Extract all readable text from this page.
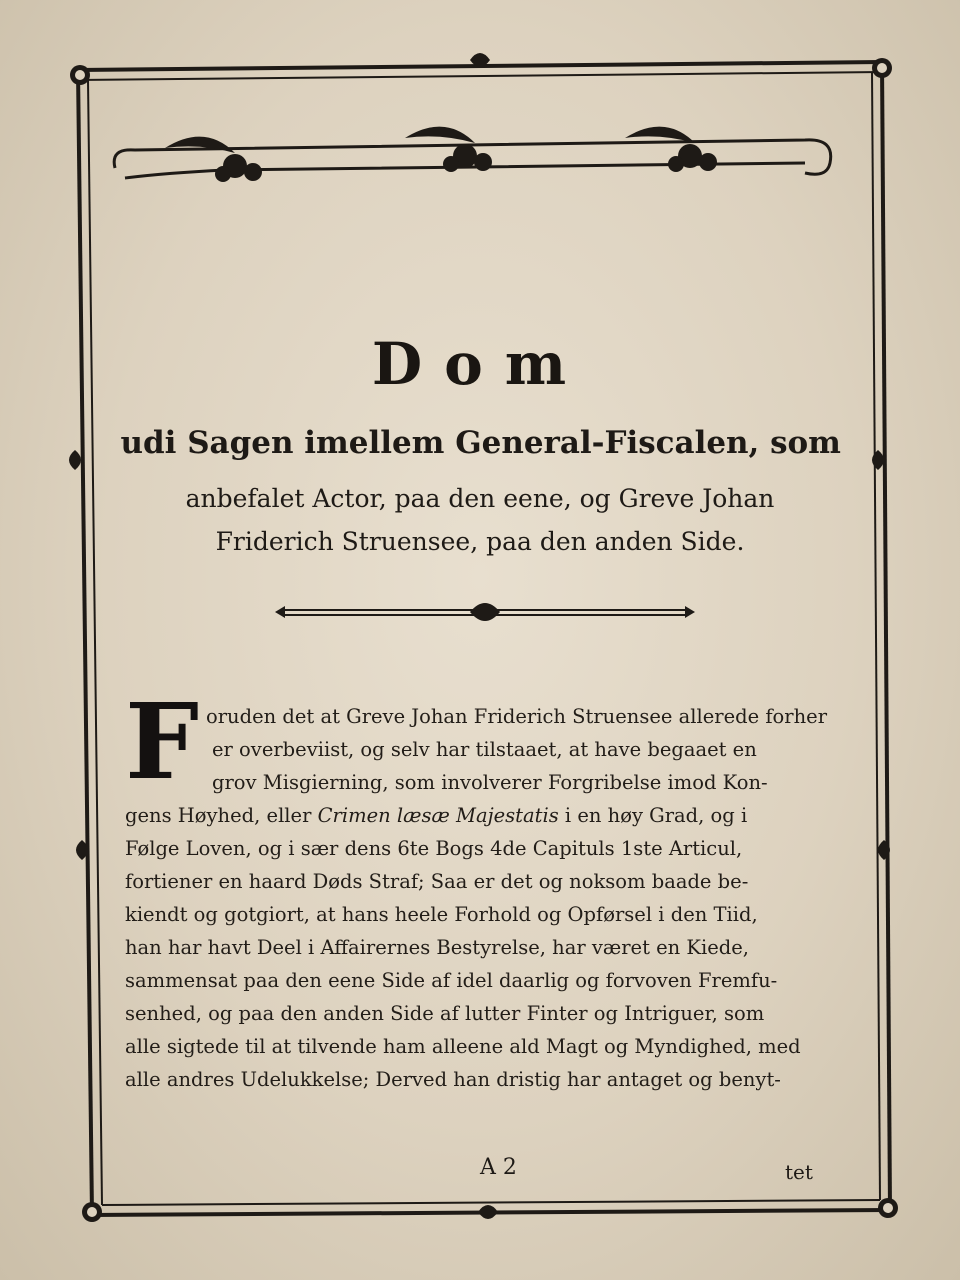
Dom
udi Sagen imellem General-Fiscalen, som
anbefalet Actor, paa den eene, og Greve Johan
Friderich Struensee, paa den anden Side.
F oruden det at Greve Johan Friderich Struensee allerede forher
er overbeviist, og selv har tilstaaet, at have begaaet en
grov Misgierning, som involverer Forgribelse imod Kon-
gens Høyhed, eller Crimen læsæ Majestatis i en høy Grad, og i
Følge Loven, og i sær dens 6te Bogs 4de Capituls 1ste Articul,
fortiener en haard Døds Straf; Saa er det og noksom baade be-
kiendt og gotgiort, at hans heele Forhold og Opførsel i den Tiid,
han har havt Deel i Affairernes Bestyrelse, har været en Kiede,
sammensat paa den eene Side af idel daarlig og forvoven Fremfu-
senhed, og paa den anden Side af lutter Finter og Intriguer, som
alle sigtede til at tilvende ham alleene ald Magt og Myndighed, med
alle andres Udelukkelse; Derved han dristig har antaget og benyt-
A 2	tet
